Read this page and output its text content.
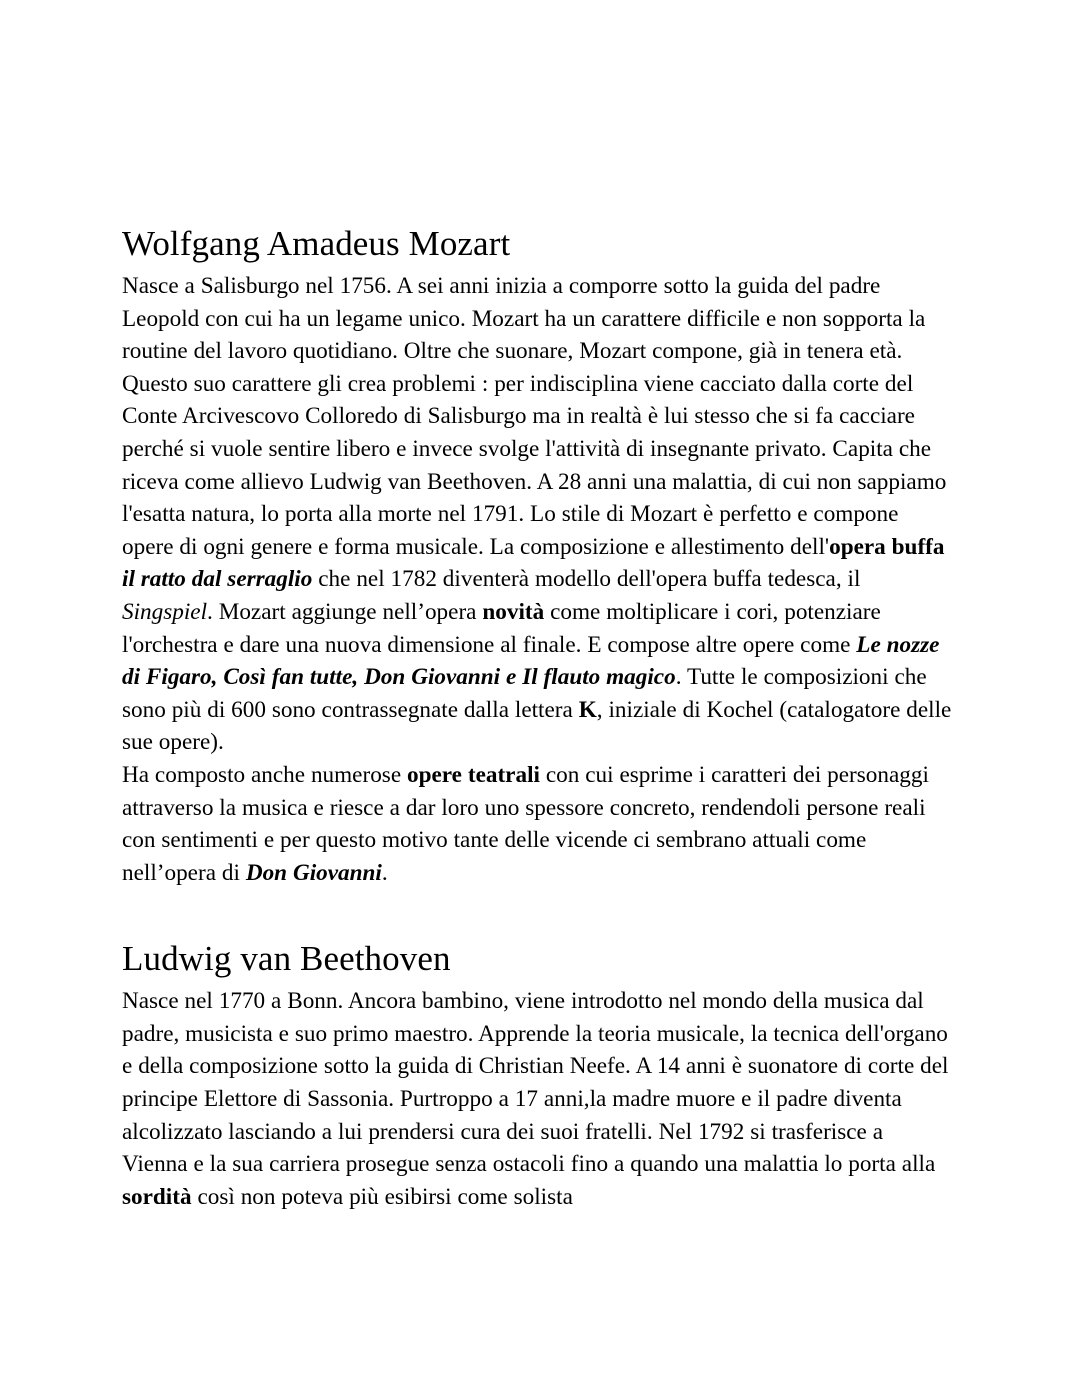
Wolfgang Amadeus Mozart

Nasce a Salisburgo nel 1756. A sei anni inizia a comporre sotto la guida del padre Leopold con cui ha un legame unico. Mozart ha un carattere difficile e non sopporta la routine del lavoro quotidiano. Oltre che suonare, Mozart compone, già in tenera età. Questo suo carattere gli crea problemi : per indisciplina viene cacciato dalla corte del Conte Arcivescovo Colloredo di Salisburgo ma in realtà è lui stesso che si fa cacciare perché si vuole sentire libero e invece svolge l'attività di insegnante privato. Capita che riceva come allievo Ludwig van Beethoven. A 28 anni una malattia, di cui non sappiamo l'esatta natura, lo porta alla morte nel 1791. Lo stile di Mozart è perfetto e compone opere di ogni genere e forma musicale. La composizione e allestimento dell'opera buffa il ratto dal serraglio che nel 1782 diventerà modello dell'opera buffa tedesca, il Singspiel. Mozart aggiunge nell’opera novità come moltiplicare i cori, potenziare l'orchestra e dare una nuova dimensione al finale. E compose altre opere come Le nozze di Figaro, Così fan tutte, Don Giovanni e Il flauto magico. Tutte le composizioni che sono più di 600 sono contrassegnate dalla lettera K, iniziale di Kochel (catalogatore delle sue opere).

Ha composto anche numerose opere teatrali con cui esprime i caratteri dei personaggi attraverso la musica e riesce a dar loro uno spessore concreto, rendendoli persone reali con sentimenti e per questo motivo tante delle vicende ci sembrano attuali come nell’opera di Don Giovanni.

Ludwig van Beethoven

Nasce nel 1770 a Bonn. Ancora bambino, viene introdotto nel mondo della musica dal padre, musicista e suo primo maestro. Apprende la teoria musicale, la tecnica dell'organo e della composizione sotto la guida di Christian Neefe. A 14 anni è suonatore di corte del principe Elettore di Sassonia. Purtroppo a 17 anni,la madre muore e il padre diventa alcolizzato lasciando a lui prendersi cura dei suoi fratelli. Nel 1792 si trasferisce a Vienna e la sua carriera prosegue senza ostacoli fino a quando una malattia lo porta alla sordità così non poteva più esibirsi come solista
